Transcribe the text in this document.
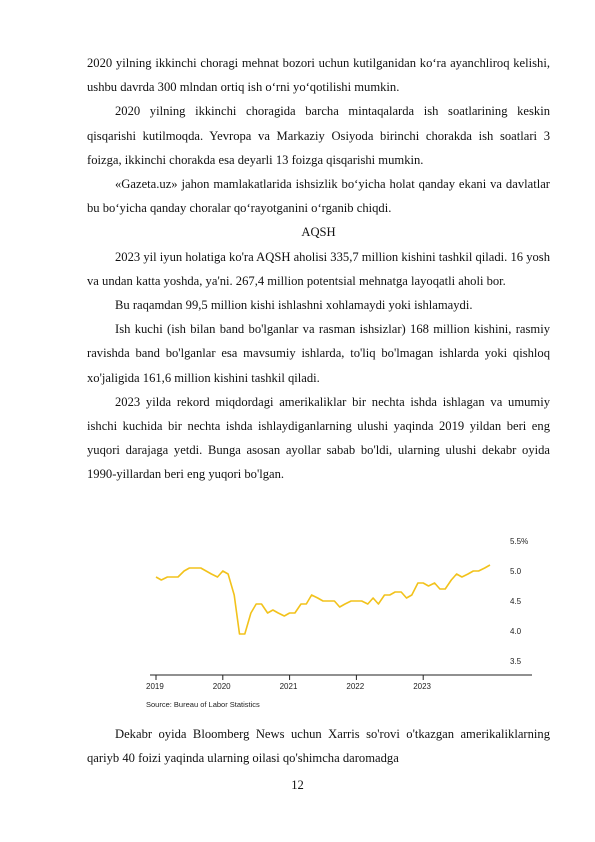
2020 yilning ikkinchi choragi mehnat bozori uchun kutilganidan ko‘ra ayanchliroq kelishi, ushbu davrda 300 mlndan ortiq ish o‘rni yo‘qotilishi mumkin.

2020 yilning ikkinchi choragida barcha mintaqalarda ish soatlarining keskin qisqarishi kutilmoqda. Yevropa va Markaziy Osiyoda birinchi chorakda ish soatlari 3 foizga, ikkinchi chorakda esa deyarli 13 foizga qisqarishi mumkin.

«Gazeta.uz» jahon mamlakatlarida ishsizlik bo‘yicha holat qanday ekani va davlatlar bu bo‘yicha qanday choralar qo‘rayotganini o‘rganib chiqdi.

AQSH

2023 yil iyun holatiga ko'ra AQSH aholisi 335,7 million kishini tashkil qiladi. 16 yosh va undan katta yoshda, ya'ni. 267,4 million potentsial mehnatga layoqatli aholi bor.

Bu raqamdan 99,5 million kishi ishlashni xohlamaydi yoki ishlamaydi.

Ish kuchi (ish bilan band bo'lganlar va rasman ishsizlar) 168 million kishini, rasmiy ravishda band bo'lganlar esa mavsumiy ishlarda, to'liq bo'lmagan ishlarda yoki qishloq xo'jaligida 161,6 million kishini tashkil qiladi.

2023 yilda rekord miqdordagi amerikaliklar bir nechta ishda ishlagan va umumiy ishchi kuchida bir nechta ishda ishlaydiganlarning ulushi yaqinda 2019 yildan beri eng yuqori darajaga yetdi. Bunga asosan ayollar sabab bo'ldi, ularning ulushi dekabr oyida 1990-yillardan beri eng yuqori bo'lgan.

5.5%
5.0
4.5
4.0
3.5
2019	2020	2021	2022	2023
Source: Bureau of Labor Statistics

Dekabr oyida Bloomberg News uchun Xarris so'rovi o'tkazgan amerikaliklarning qariyb 40 foizi yaqinda ularning oilasi qo'shimcha daromadga

12
